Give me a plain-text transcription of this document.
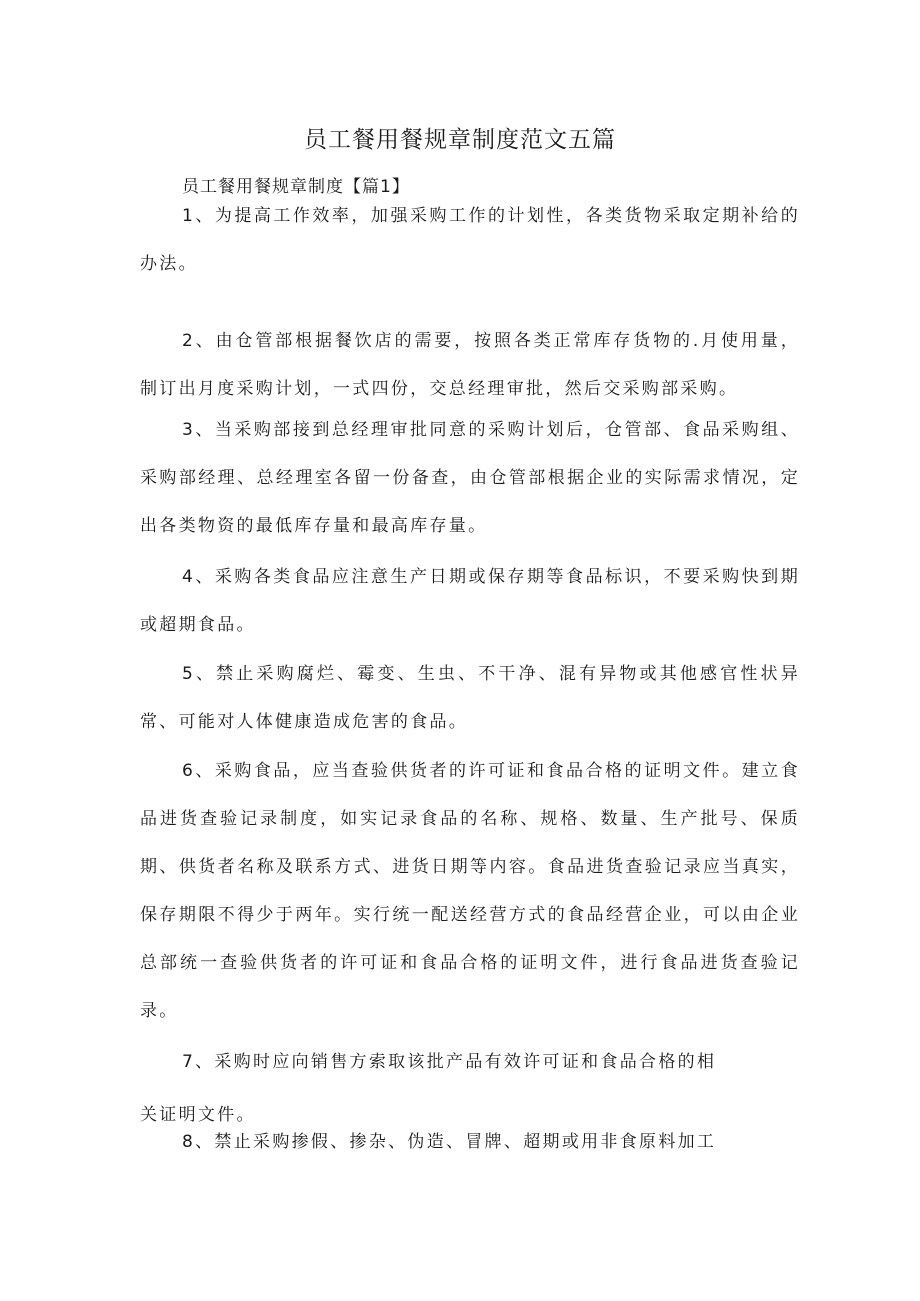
员工餐用餐规章制度范文五篇
员工餐用餐规章制度【篇1】

1、为提高工作效率，加强采购工作的计划性，各类货物采取定期补给的办法。

2、由仓管部根据餐饮店的需要，按照各类正常库存货物的.月使用量，制订出月度采购计划，一式四份，交总经理审批，然后交采购部采购。

3、当采购部接到总经理审批同意的采购计划后，仓管部、食品采购组、采购部经理、总经理室各留一份备查，由仓管部根据企业的实际需求情况，定出各类物资的最低库存量和最高库存量。

4、采购各类食品应注意生产日期或保存期等食品标识，不要采购快到期或超期食品。

5、禁止采购腐烂、霉变、生虫、不干净、混有异物或其他感官性状异常、可能对人体健康造成危害的食品。

6、采购食品，应当查验供货者的许可证和食品合格的证明文件。建立食品进货查验记录制度，如实记录食品的名称、规格、数量、生产批号、保质期、供货者名称及联系方式、进货日期等内容。食品进货查验记录应当真实，保存期限不得少于两年。实行统一配送经营方式的食品经营企业，可以由企业总部统一查验供货者的许可证和食品合格的证明文件，进行食品进货查验记录。

7、采购时应向销售方索取该批产品有效许可证和食品合格的相
关证明文件。
8、禁止采购掺假、掺杂、伪造、冒牌、超期或用非食原料加工
